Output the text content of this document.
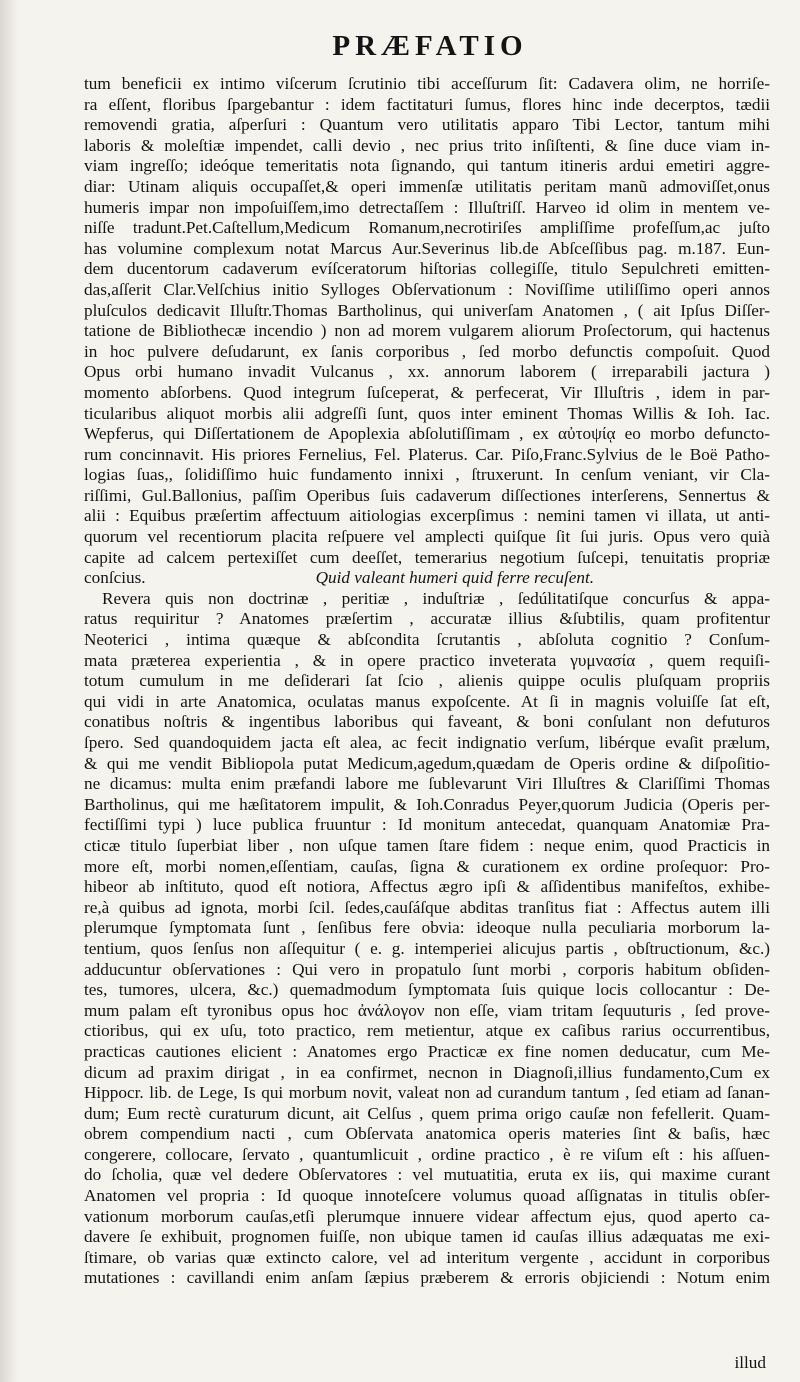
PRÆFATIO
tum beneficii ex intimo viſcerum ſcrutinio tibi acceſſurum ſit: Cadavera olim, ne horriſe-
ra eſſent, floribus ſpargebantur : idem factitaturi ſumus, flores hinc inde decerptos, tædii
removendi gratia, aſperſuri : Quantum vero utilitatis apparo Tibi Lector, tantum mihi
laboris & moleſtiæ impendet, calli devio , nec prius trito inſiſtenti, & ſine duce viam in-
viam ingreſſo; ideóque temeritatis nota ſignando, qui tantum itineris ardui emetiri aggre-
diar: Utinam aliquis occupaſſet,& operi immenſæ utilitatis peritam manũ admoviſſet,onus
humeris impar non impoſuiſſem,imo detrectaſſem : Illuſtriſſ. Harveo id olim in mentem ve-
niſſe tradunt.Pet.Caſtellum,Medicum Romanum,necrotiriſes ampliſſime profeſſum,ac juſto
has volumine complexum notat Marcus Aur.Severinus lib.de Abſceſſibus pag. m.187. Eun-
dem ducentorum cadaverum evíſceratorum hiſtorias collegiſſe, titulo Sepulchreti emitten-
das,aſſerit Clar.Velſchius initio Sylloges Obſervationum : Noviſſime utiliſſimo operi annos
pluſculos dedicavit Illuſtr.Thomas Bartholinus, qui univerſam Anatomen , ( ait Ipſus Diſſer-
tatione de Bibliothecæ incendio ) non ad morem vulgarem aliorum Proſectorum, qui hactenus
in hoc pulvere deſudarunt, ex ſanis corporibus , ſed morbo defunctis compoſuit. Quod
Opus orbi humano invadit Vulcanus , xx. annorum laborem ( irreparabili jactura )
momento abſorbens. Quod integrum ſuſceperat, & perfecerat, Vir Illuſtris , idem in par-
ticularibus aliquot morbis alii adgreſſi ſunt, quos inter eminent Thomas Willis & Ioh. Iac.
Wepferus, qui Diſſertationem de Apoplexia abſolutiſſimam , ex αὐτοψίᾳ eo morbo defuncto-
rum concinnavit. His priores Fernelius, Fel. Platerus. Car. Piſo,Franc.Sylvius de le Boë Patho-
logias ſuas,, ſolidiſſimo huic fundamento innixi , ſtruxerunt. In cenſum veniant, vir Cla-
riſſimi, Gul.Ballonius, paſſim Operibus ſuis cadaverum diſſectiones interſerens, Sennertus &
alii : Equibus præſertim affectuum aitiologias excerpſimus : nemini tamen vi illata, ut anti-
quorum vel recentiorum placita reſpuere vel amplecti quiſque ſit ſui juris. Opus vero quià
capite ad calcem pertexiſſet cum deeſſet, temerarius negotium ſuſcepi, tenuitatis propriæ
conſcius.	Quid valeant humeri quid ferre recuſent.
Revera quis non doctrinæ , peritiæ , induſtriæ , ſedúlitatiſque concurſus & appa-
ratus requiritur ? Anatomes præſertim , accuratæ illius &ſubtilis, quam profitentur
Neoterici , intima quæque & abſcondita ſcrutantis , abſoluta cognitio ? Conſum-
mata præterea experientia , & in opere practico inveterata γυμνασία , quem requiſi-
totum cumulum in me deſiderari ſat ſcio , alienis quippe oculis pluſquam propriis
qui vidi in arte Anatomica, oculatas manus expoſcente. At ſi in magnis voluiſſe ſat eſt,
conatibus noſtris & ingentibus laboribus qui faveant, & boni conſulant non defuturos
ſpero. Sed quandoquidem jacta eſt alea, ac fecit indignatio verſum, libérque evaſit prælum,
& qui me vendit Bibliopola putat Medicum,agedum,quædam de Operis ordine & diſpoſitio-
ne dicamus: multa enim præfandi labore me ſublevarunt Viri Illuſtres & Clariſſimi Thomas
Bartholinus, qui me hæſitatorem impulit, & Ioh.Conradus Peyer,quorum Judicia (Operis per-
fectiſſimi typi ) luce publica fruuntur : Id monitum antecedat, quanquam Anatomiæ Pra-
cticæ titulo ſuperbiat liber , non uſque tamen ſtare fidem : neque enim, quod Practicis in
more eſt, morbi nomen,eſſentiam, cauſas, ſigna & curationem ex ordine proſequor: Pro-
hibeor ab inſtituto, quod eſt notiora, Affectus ægro ipſi & aſſidentibus manifeſtos, exhibe-
re,à quibus ad ignota, morbi ſcil. ſedes,cauſáſque abditas tranſitus fiat : Affectus autem illi
plerumque ſymptomata ſunt , ſenſibus fere obvia: ideoque nulla peculiaria morborum la-
tentium, quos ſenſus non aſſequitur ( e. g. intemperiei alicujus partis , obſtructionum, &c.)
adducuntur obſervationes : Qui vero in propatulo ſunt morbi , corporis habitum obſiden-
tes, tumores, ulcera, &c.) quemadmodum ſymptomata ſuis quique locis collocantur : De-
mum palam eſt tyronibus opus hoc ἀνάλογον non eſſe, viam tritam ſequuturis , ſed prove-
ctioribus, qui ex uſu, toto practico, rem metientur, atque ex caſibus rarius occurrentibus,
practicas cautiones elicient : Anatomes ergo Practicæ ex fine nomen deducatur, cum Me-
dicum ad praxim dirigat , in ea confirmet, necnon in Diagnoſi,illius fundamento,Cum ex
Hippocr. lib. de Lege, Is qui morbum novit, valeat non ad curandum tantum , ſed etiam ad ſanan-
dum; Eum rectè curaturum dicunt, ait Celſus , quem prima origo cauſæ non fefellerit. Quam-
obrem compendium nacti , cum Obſervata anatomica operis materies ſint & baſis, hæc
congerere, collocare, ſervato , quantumlicuit , ordine practico , è re viſum eſt : his aſſuen-
do ſcholia, quæ vel dedere Obſervatores : vel mutuatitia, eruta ex iis, qui maxime curant
Anatomen vel propria : Id quoque innoteſcere volumus quoad aſſignatas in titulis obſer-
vationum morborum cauſas,etſi plerumque innuere videar affectum ejus, quod aperto ca-
davere ſe exhibuit, prognomen fuiſſe, non ubique tamen id cauſas illius adæquatas me exi-
ſtimare, ob varias quæ extincto calore, vel ad interitum vergente , accidunt in corporibus
mutationes : cavillandi enim anſam ſæpius præberem & erroris objiciendi : Notum enim
illud
